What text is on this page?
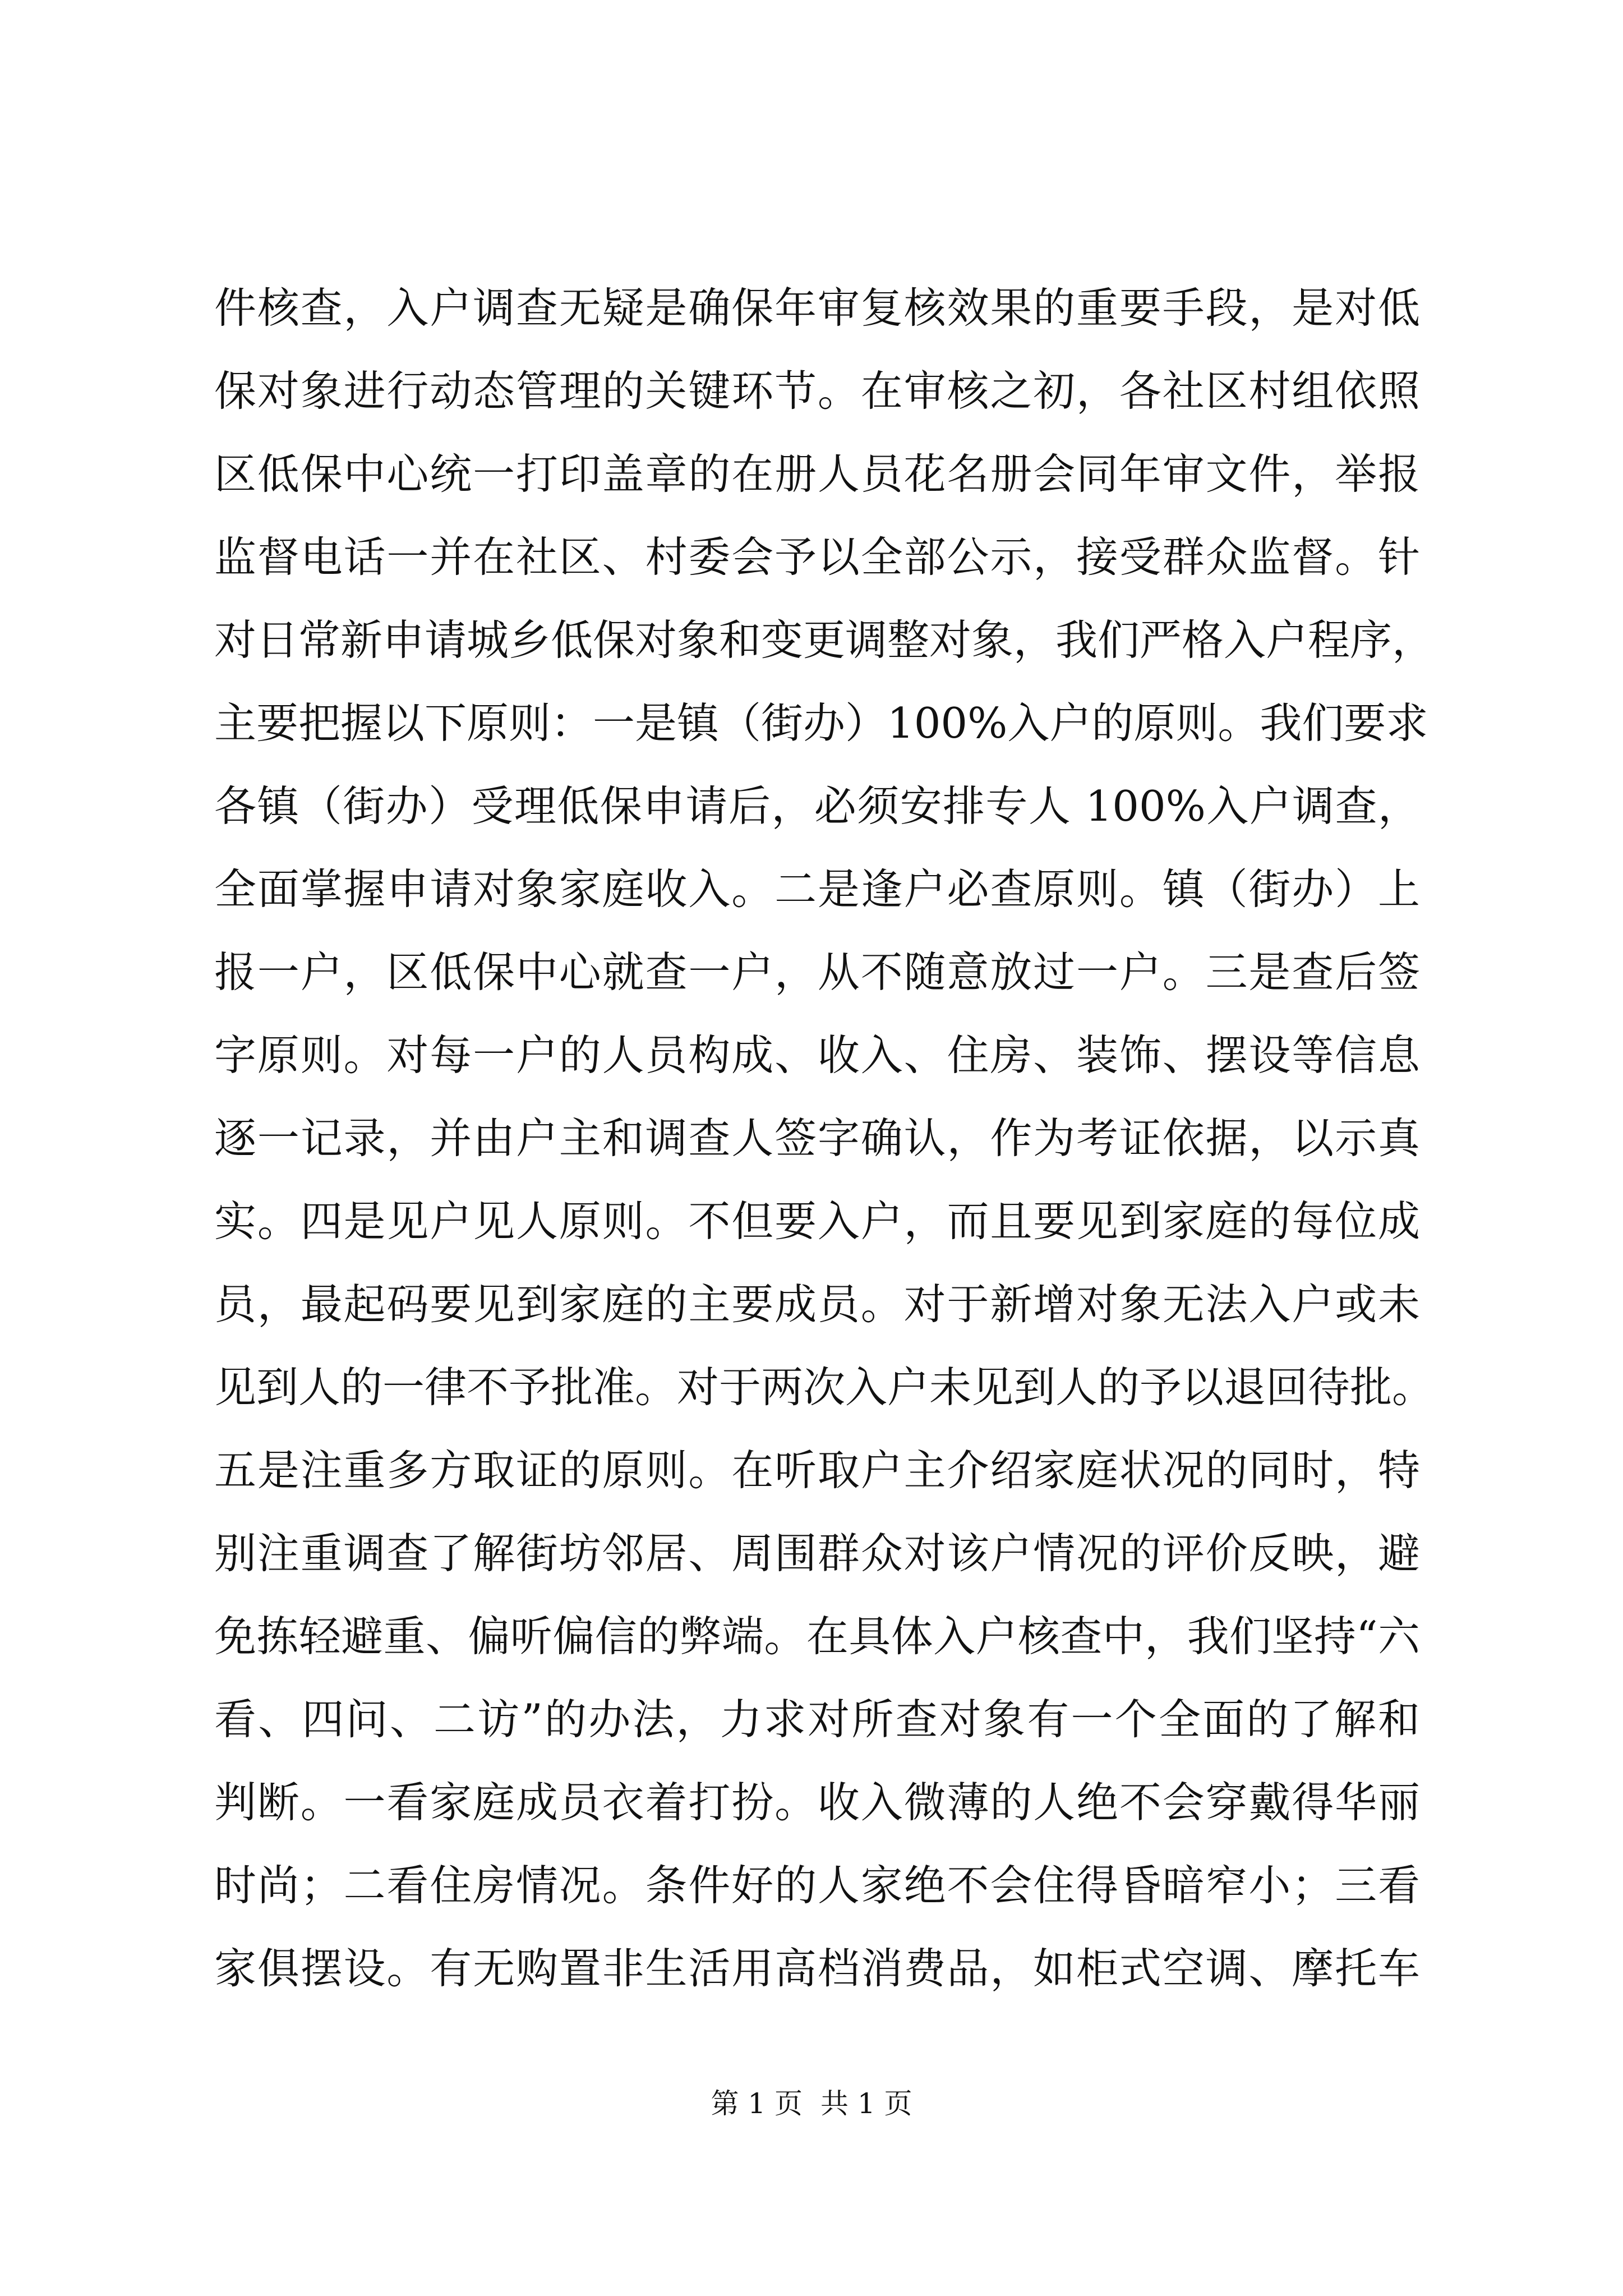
件核查，入户调查无疑是确保年审复核效果的重要手段，是对低
保对象进行动态管理的关键环节。在审核之初，各社区村组依照
区低保中心统一打印盖章的在册人员花名册会同年审文件，举报
监督电话一并在社区、村委会予以全部公示，接受群众监督。针
对日常新申请城乡低保对象和变更调整对象，我们严格入户程序，
主要把握以下原则：一是镇（街办）100%入户的原则。我们要求
各镇（街办）受理低保申请后，必须安排专人 100%入户调查，
全面掌握申请对象家庭收入。二是逢户必查原则。镇（街办）上
报一户，区低保中心就查一户，从不随意放过一户。三是查后签
字原则。对每一户的人员构成、收入、住房、装饰、摆设等信息
逐一记录，并由户主和调查人签字确认，作为考证依据，以示真
实。四是见户见人原则。不但要入户，而且要见到家庭的每位成
员，最起码要见到家庭的主要成员。对于新增对象无法入户或未
见到人的一律不予批准。对于两次入户未见到人的予以退回待批。
五是注重多方取证的原则。在听取户主介绍家庭状况的同时，特
别注重调查了解街坊邻居、周围群众对该户情况的评价反映，避
免拣轻避重、偏听偏信的弊端。在具体入户核查中，我们坚持“六
看、四问、二访”的办法，力求对所查对象有一个全面的了解和
判断。一看家庭成员衣着打扮。收入微薄的人绝不会穿戴得华丽
时尚；二看住房情况。条件好的人家绝不会住得昏暗窄小；三看
家俱摆设。有无购置非生活用高档消费品，如柜式空调、摩托车
第 1 页 共 1 页
